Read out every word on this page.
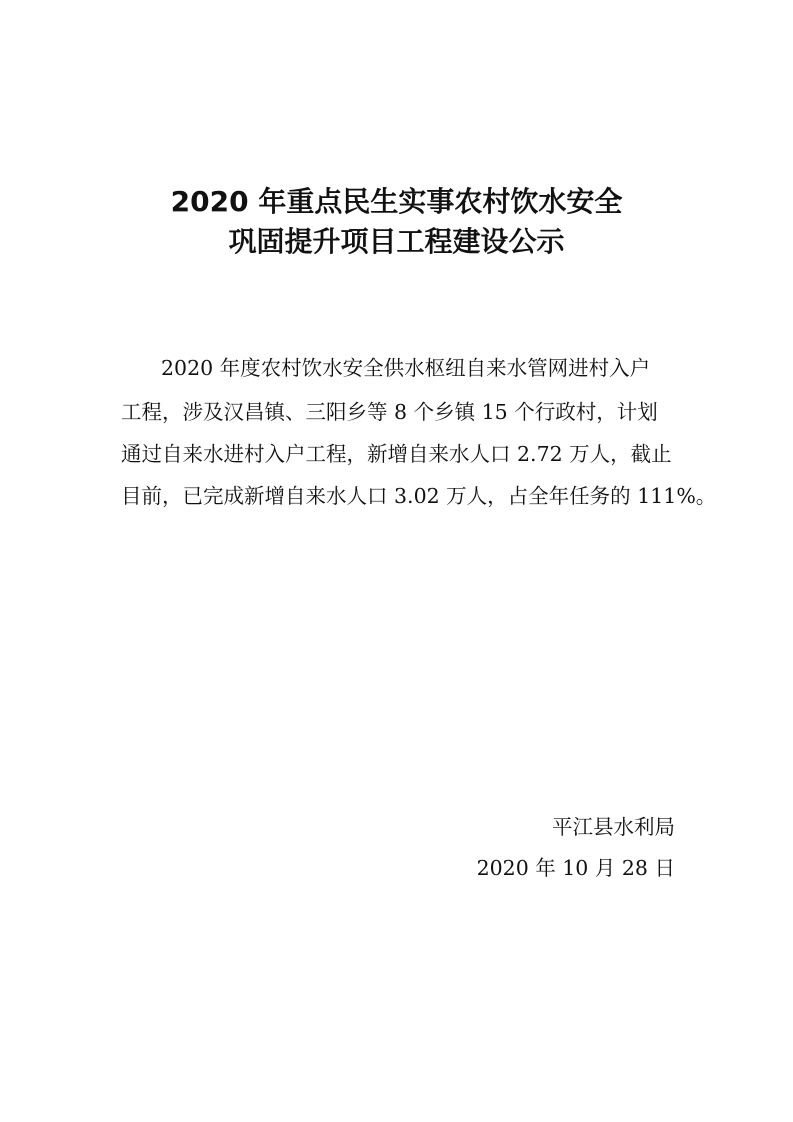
2020 年重点民生实事农村饮水安全
巩固提升项目工程建设公示
2020 年度农村饮水安全供水枢纽自来水管网进村入户
工程，涉及汉昌镇、三阳乡等 8 个乡镇 15 个行政村，计划
通过自来水进村入户工程，新增自来水人口 2.72 万人，截止
目前，已完成新增自来水人口 3.02 万人，占全年任务的 111%。
平江县水利局
2020 年 10 月 28 日
